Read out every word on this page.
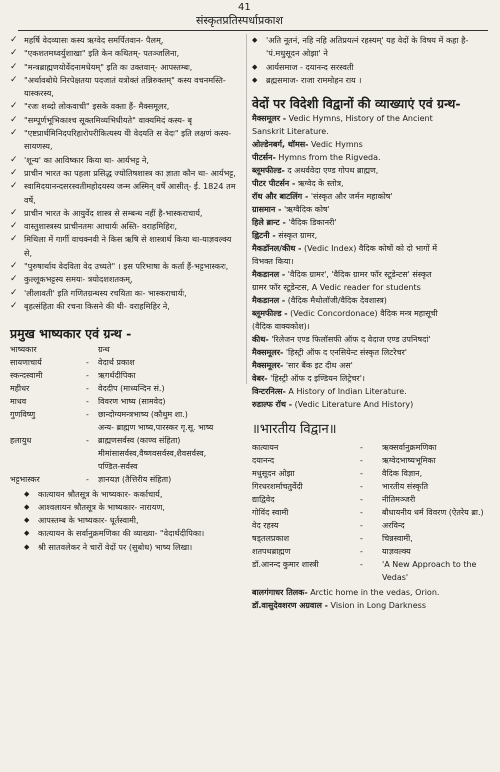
41
संस्कृतप्रतिस्पर्धाप्रकाश
✓ महर्षि वेदव्यासः कस्य ऋग्वेद समर्पितवान- पैलम्,
✓ "एकशतमध्वर्युशाखा" इति केन कथितम्- पतञ्जलिना,
✓ "मन्त्रब्राह्मणयोर्वेदनामधेयम्" इति कः उक्तवान्- आपस्तम्बः,
✓ "अर्थावबोधे निरपेक्षतया पदजातं यत्रोक्तं तन्निरुक्तम्" कस्य वचनमस्ति- यास्करस्य,
✓ "रजः शब्दो लोकवाची" इसके वक्ता हैं- मैक्समूलर,
✓ "सम्पूर्णभूभिकाश्च सूक्तमिव्यभिधीयते" वाक्यमिदं कस्य- बृ
✓ "एष्टप्रार्थमिनिदपरिहारोपरीकित्यस्य येो वेदयति स वेदः" इति लक्षणं कस्य- सायणस्य,
✓ 'शून्य' का आविष्कार किया था- आर्यभट्ट ने,
✓ प्राचीन भारत का पहला प्रसिद्ध ज्योतिषशास्त्र का ज्ञाता कौन था- आर्यभट्ट,
✓ स्वामिदयानन्दसरस्वतीमहोदयस्य जन्म अस्मिन् वर्षे आसीत्- ई. 1824 तम वर्षे,
✓ प्राचीन भारत के आयुर्वेद शास्त्र से सम्बन्ध नहीं है-भास्कराचार्य,
✓ वास्तुशास्त्रस्य प्राचीनतमः आचार्यः अस्ति- वराहमिहिरः,
✓ मिथिला में गार्गी वाचक्नवी ने किस ऋषि से शास्त्रार्थ किया था-याज्ञवल्क्य से,
✓ "पुरुषार्थाय वेदविता वेद उच्यते" । इस परिभाषा के कर्ता हैं-भट्टभास्करः,
✓ कुल्लूकभट्टस्य समयः- त्रयोदशशतकम्,
✓ 'लीलावती' इति गणितग्रन्थस्य रचयिता कः- भास्कराचार्यः,
✓ बृहत्संहिता की रचना किसने की थी- वराहमिहिर ने,
प्रमुख भाष्यकार एवं ग्रन्थ -
भाष्यकार		ग्रन्थ
सायणाचार्य	-	वेदार्थ प्रकाश
स्कन्दस्वामी	-	ऋगर्थदीपिका
महीधर	-	वेददीप (माध्यन्दिन सं.)
माधव	-	विवरण भाष्य (सामवेद)
गुणविष्णु	-	छान्दोग्यमन्त्रभाष्य (कौथुम शा.)
		अन्य- ब्राह्मण भाष्य,पारस्कर गृ.सू. भाष्य
हलायुध	-	ब्राह्मणसर्वस्व (काण्व संहिता)
		मीमांसासर्वस्व,वैष्णवसर्वस्व,शैवसर्वस्व,
		पण्डित-सर्वस्व
भट्टभास्कर	-	ज्ञानयज्ञ (तैत्तिरीय संहिता)
◆	कात्यायन श्रौतसूत्र के भाष्यकार- कर्काचार्य,
◆	आश्वलायन श्रौतसूत्र के भाष्यकार- नारायण,
◆	आपस्तम्ब के भाष्यकार- धूर्तस्वामी,
◆	कात्यायन के सर्वानुक्रमणिका की व्याख्या- "वेदार्थदीपिका।
◆	श्री सातवलेकर ने चारों वेदों पर (सुबोध) भाष्य लिखा।
◆	'अति नूतनं, नहि नहि अतिप्रयत्नं रहस्यम्' यह वेदों के विषय में कहा है- 'पं.मधुसूदन ओझा' ने
◆	आर्यसमाज - दयानन्द सरस्वती
◆	ब्रह्मसमाज- राजा राममोहन राय ।
वेदों पर विदेशी विद्वानों की व्याख्याएं एवं ग्रन्थ-
मैक्समूलर - Vedic Hymns, History of the Ancient
Sanskrit Literature.
ओल्डेनबर्ग, थॉमस- Vedic Hymns
पीटर्सन- Hymns from the Rigveda.
ब्लूमफील्ड- द अथर्ववेदा एण्ड गोपथ ब्राह्मण,
पीटर पीटर्सन - ऋग्वेद के स्तोत्र,
रॉथ और बाटलिंग - 'संस्कृत और जर्मन महाकोष'
ग्रासमान - 'ऋग्वैदिक कोष'
हिले ब्रान्ट - 'वैदिक डिकानरी'
ह्विटनी - संस्कृत ग्रामर,
मैकडॉनल/कीथ - (Vedic Index) वैदिक कोषों को दो भागों में
विभक्त किया।
मैकडानल - 'वैदिक ग्रामर', 'वैदिक ग्रामर फॉर स्टूडेन्टस' संस्कृत
ग्रामर फॉर स्टूडेन्टस, A Vedic reader for students
मैकडानल - (वैदिक मैथोलॉजी/वैदिक देवशास्त्र)
ब्लूमफील्ड - (Vedic Concordonace) वैदिक मन्त्र महासूची
(वैदिक वाक्यकोश)।
कीथ- 'रिलेजन एण्ड फिलॉसफी ऑफ द वेदाज एण्ड उपनिषदां'
मैक्समूलर- 'हिस्ट्री ऑफ द एनसियेन्ट संस्कृत लिटरेचर'
मैक्समूलर- 'सार बैंक इट दीथ अस'
वेबर- 'हिस्ट्री ऑफ द इण्डियन लिट्रेचर'।
विन्टरनित्स- A History of Indian Literature.
रुडाल्फ रॉथ - (Vedic Literature And History)
॥भारतीय विद्वान॥
कात्यायन	-	ऋक्सर्वानुक्रमणिका
दयानन्द	-	ऋग्वेदभाष्यभूमिका
मधुसूदन ओझा	-	वैदिक विज्ञान,
गिरधरशर्माचतुर्वेदी	-	भारतीय संस्कृति
द्याद्विवेद	-	नीतिमञ्जरी
गोविंद स्वामी	-	बौधायनीय धर्म विवरण (ऐतरेय ब्रा.)
वेद रहस्य	-	अरविन्द
षड्तलप्रकाश	-	चिन्नस्वामी,
शतपथब्राह्मण	-	याज्ञवल्क्य
डॉ.आनन्द कुमार शास्त्री	-	'A New Approach to the
		Vedas'
बालगंगाधर तिलक- Arctic home in the vedas, Orion.
डॉ.वासुदेवशरण अग्रवाल - Vision in Long Darkness
